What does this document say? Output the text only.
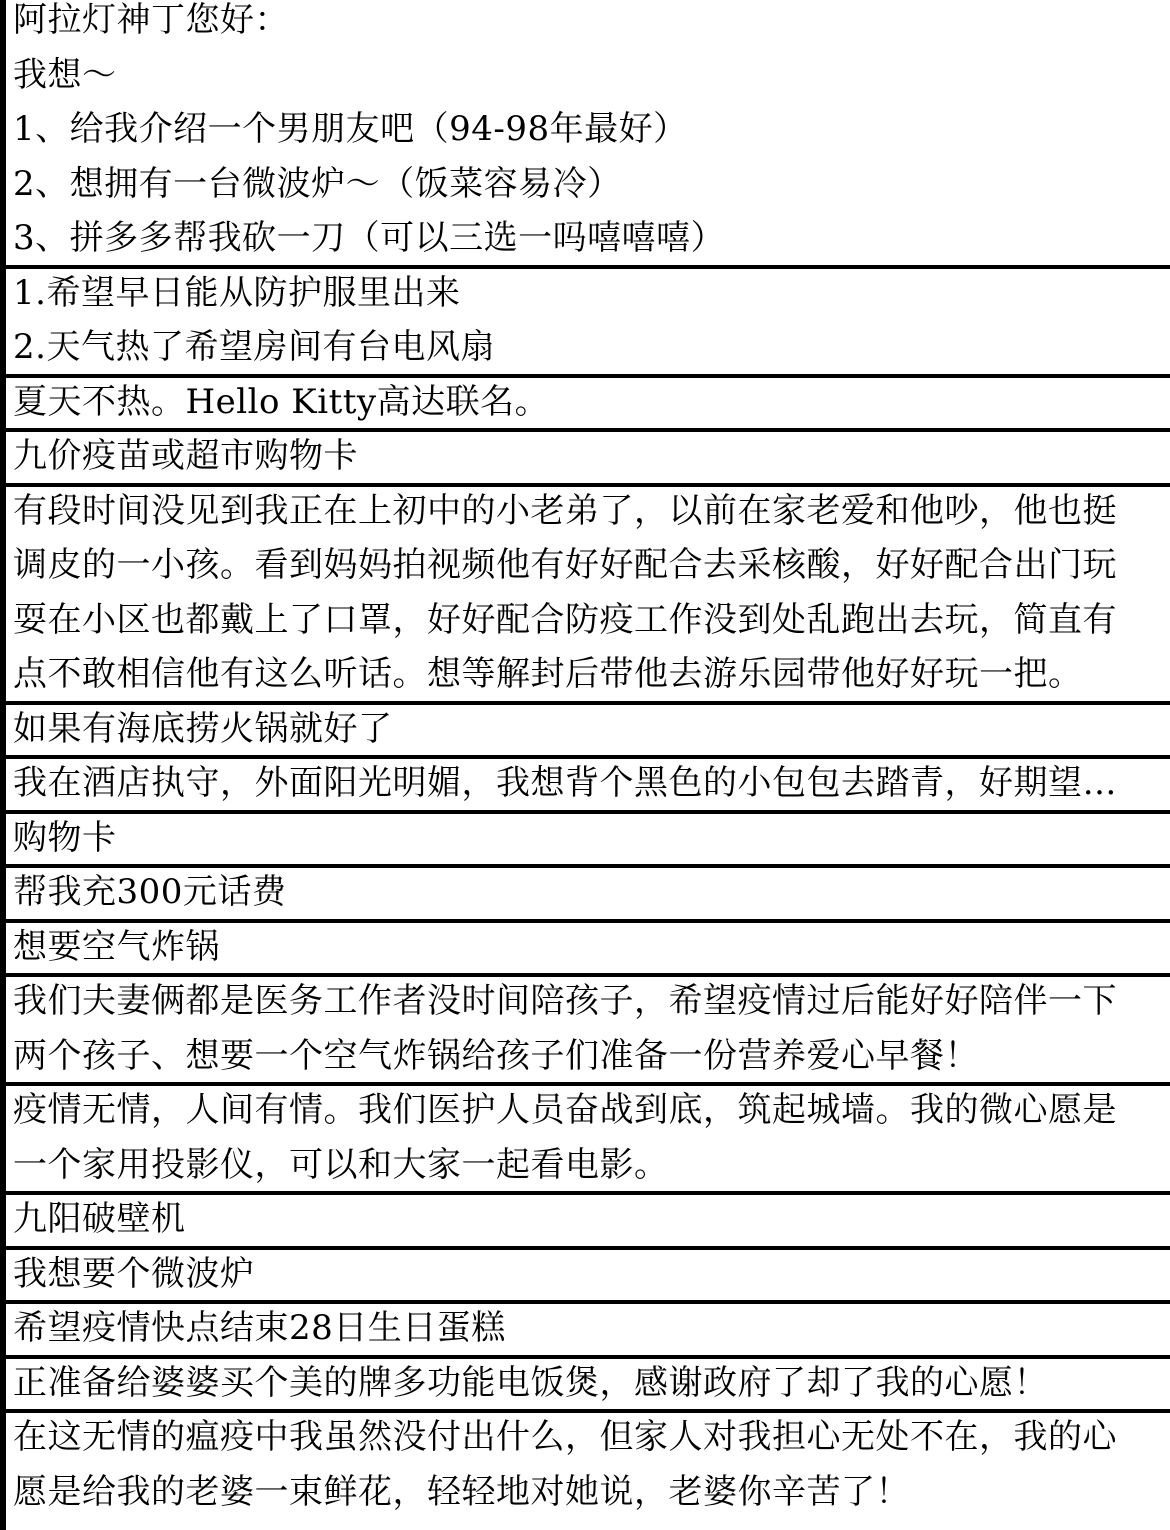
阿拉灯神丁您好：
我想～
1、给我介绍一个男朋友吧（94-98年最好）
2、想拥有一台微波炉～（饭菜容易冷）
3、拼多多帮我砍一刀（可以三选一吗嘻嘻嘻）
1.希望早日能从防护服里出来
2.天气热了希望房间有台电风扇
夏天不热。Hello Kitty高达联名。
九价疫苗或超市购物卡
有段时间没见到我正在上初中的小老弟了，以前在家老爱和他吵，他也挺
调皮的一小孩。看到妈妈拍视频他有好好配合去采核酸，好好配合出门玩
耍在小区也都戴上了口罩，好好配合防疫工作没到处乱跑出去玩，简直有
点不敢相信他有这么听话。想等解封后带他去游乐园带他好好玩一把。
如果有海底捞火锅就好了
我在酒店执守，外面阳光明媚，我想背个黑色的小包包去踏青，好期望…
购物卡
帮我充300元话费
想要空气炸锅
我们夫妻俩都是医务工作者没时间陪孩子，希望疫情过后能好好陪伴一下
两个孩子、想要一个空气炸锅给孩子们准备一份营养爱心早餐！
疫情无情，人间有情。我们医护人员奋战到底，筑起城墙。我的微心愿是
一个家用投影仪，可以和大家一起看电影。
九阳破壁机
我想要个微波炉
希望疫情快点结束28日生日蛋糕
正准备给婆婆买个美的牌多功能电饭煲，感谢政府了却了我的心愿！
在这无情的瘟疫中我虽然没付出什么，但家人对我担心无处不在，我的心
愿是给我的老婆一束鲜花，轻轻地对她说，老婆你辛苦了！
